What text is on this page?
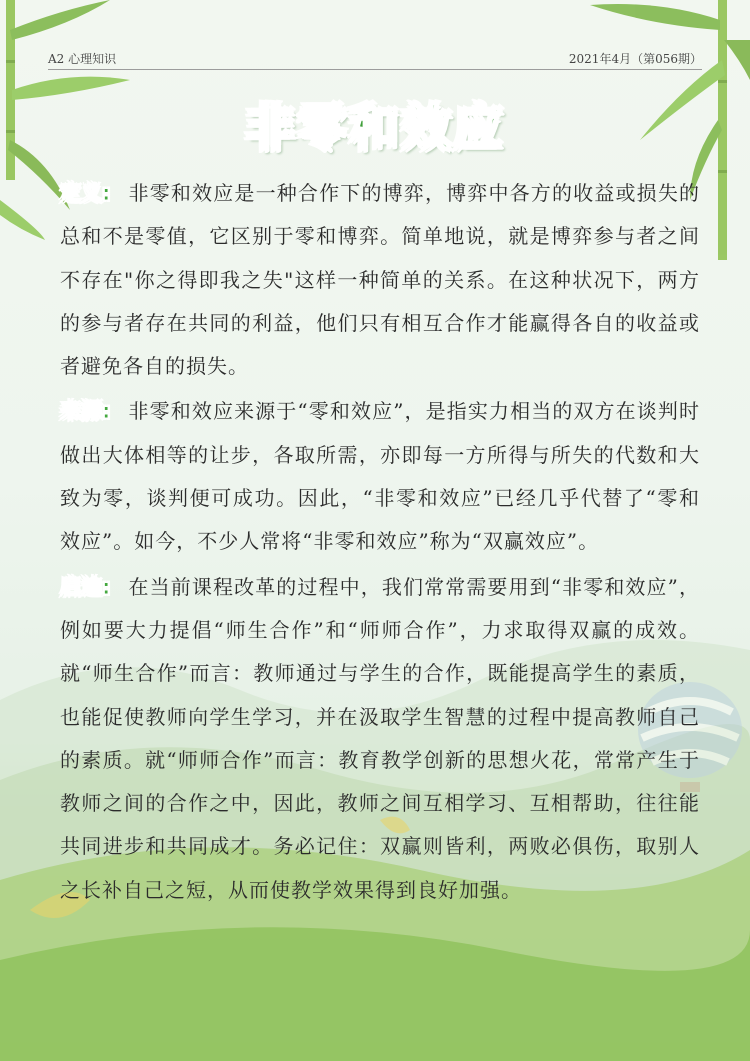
A2 心理知识	2021年4月（第056期）
非零和效应
定义: 非零和效应是一种合作下的博弈，博弈中各方的收益或损失的总和不是零值，它区别于零和博弈。简单地说，就是博弈参与者之间不存在"你之得即我之失"这样一种简单的关系。在这种状况下，两方的参与者存在共同的利益，他们只有相互合作才能赢得各自的收益或者避免各自的损失。
来源: 非零和效应来源于“零和效应”，是指实力相当的双方在谈判时做出大体相等的让步，各取所需，亦即每一方所得与所失的代数和大致为零，谈判便可成功。因此，“非零和效应”已经几乎代替了“零和效应”。如今，不少人常将“非零和效应”称为“双赢效应”。
启迪: 在当前课程改革的过程中，我们常常需要用到“非零和效应”，例如要大力提倡“师生合作”和“师师合作”，力求取得双赢的成效。就“师生合作”而言：教师通过与学生的合作，既能提高学生的素质，也能促使教师向学生学习，并在汲取学生智慧的过程中提高教师自己的素质。就“师师合作”而言：教育教学创新的思想火花，常常产生于教师之间的合作之中，因此，教师之间互相学习、互相帮助，往往能共同进步和共同成才。务必记住：双赢则皆利，两败必俱伤，取别人之长补自己之短，从而使教学效果得到良好加强。
